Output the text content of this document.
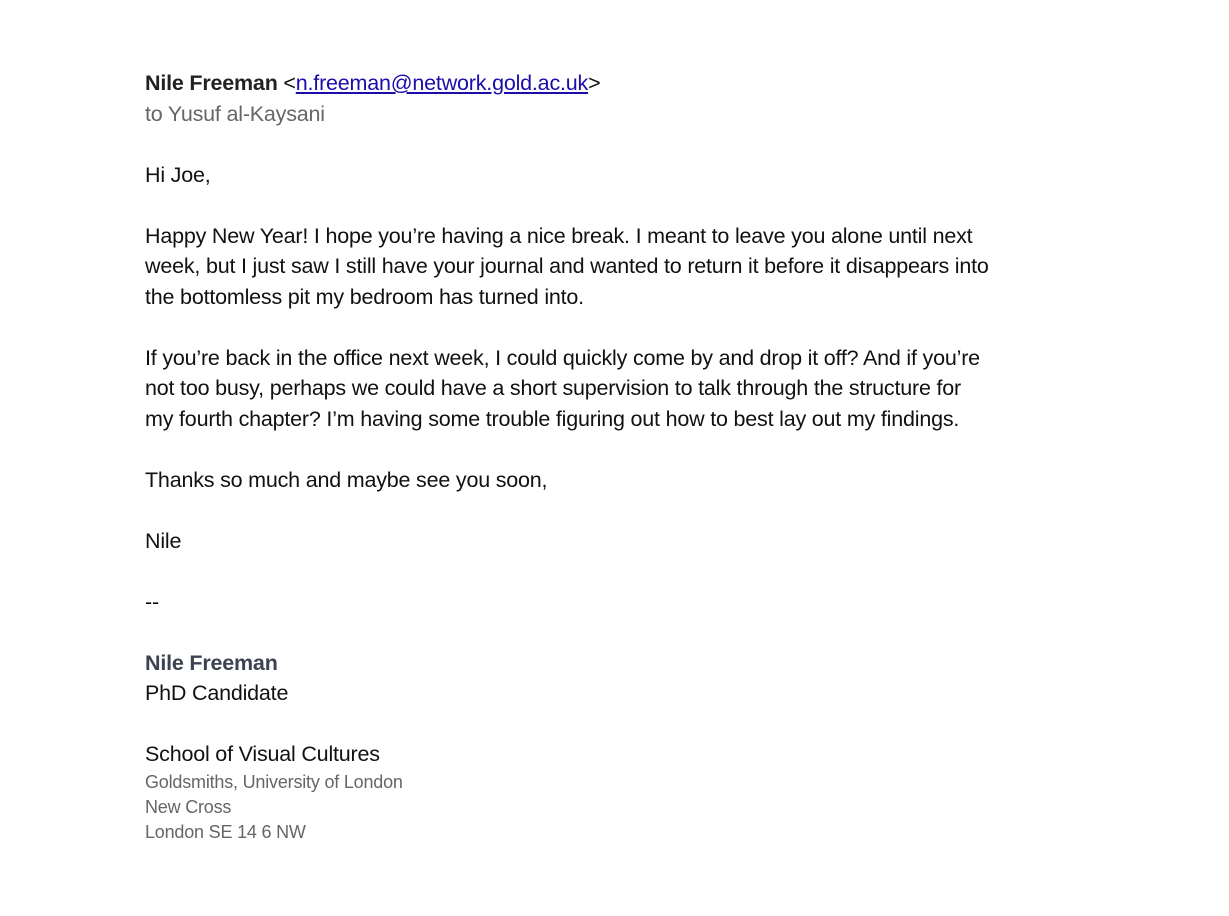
Nile Freeman <n.freeman@network.gold.ac.uk>
to Yusuf al-Kaysani
Hi Joe,
Happy New Year! I hope you’re having a nice break. I meant to leave you alone until next
week, but I just saw I still have your journal and wanted to return it before it disappears into
the bottomless pit my bedroom has turned into.
If you’re back in the office next week, I could quickly come by and drop it off? And if you’re
not too busy, perhaps we could have a short supervision to talk through the structure for
my fourth chapter? I’m having some trouble figuring out how to best lay out my findings.
Thanks so much and maybe see you soon,
Nile
--
Nile Freeman
PhD Candidate
School of Visual Cultures
Goldsmiths, University of London
New Cross
London SE 14 6 NW
